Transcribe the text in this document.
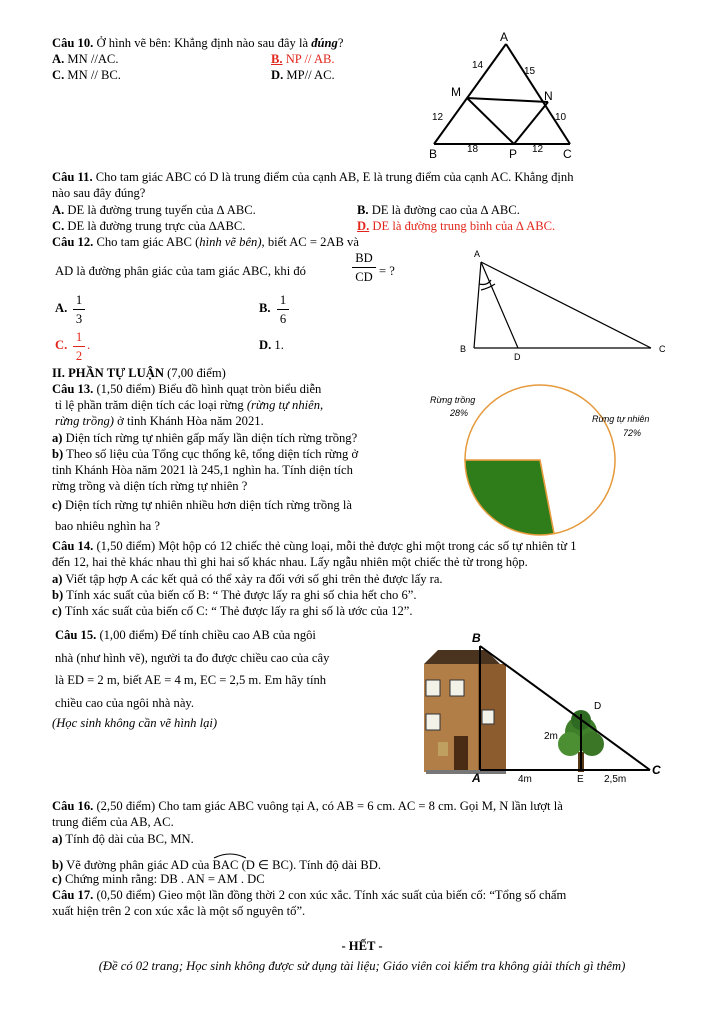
Câu 10. Ở hình vẽ bên: Khẳng định nào sau đây là đúng?
A. MN //AC.	B. NP // AB.
C. MN // BC.	D. MP// AC.
A
B	C
M	N
P
14
15
12	10
18	12
Câu 11. Cho tam giác ABC có D là trung điểm của cạnh AB, E là trung điểm của cạnh AC. Khẳng định
nào sau đây đúng?
A. DE là đường trung tuyến của ∆ ABC.	B. DE là đường cao của ∆ ABC.
C. DE là đường trung trực của ∆ABC.	D. DE là đường trung bình của ∆ ABC.
Câu 12. Cho tam giác ABC (hình vẽ bên), biết AC = 2AB và
AD là đường phân giác của tam giác ABC, khi đó
BD
CD = ?
A.
1
3
B.
1
6
C.
1
2
.	D. 1.
A
B	C
D
II. PHẦN TỰ LUẬN (7,00 điểm)
Câu 13. (1,50 điểm) Biểu đồ hình quạt tròn biểu diễn
tỉ lệ phần trăm diện tích các loại rừng (rừng tự nhiên,
rừng trồng) ở tỉnh Khánh Hòa năm 2021.
a) Diện tích rừng tự nhiên gấp mấy lần diện tích rừng trồng?
b) Theo số liệu của Tổng cục thống kê, tổng diện tích rừng ở
tỉnh Khánh Hòa năm 2021 là 245,1 nghìn ha. Tính diện tích
rừng trồng và diện tích rừng tự nhiên ?
c) Diện tích rừng tự nhiên nhiều hơn diện tích rừng trồng là
bao nhiêu nghìn ha ?
Rừng trồng
28%
Rừng tự nhiên
72%
Câu 14. (1,50 điểm) Một hộp có 12 chiếc thẻ cùng loại, mỗi thẻ được ghi một trong các số tự nhiên từ 1
đến 12, hai thẻ khác nhau thì ghi hai số khác nhau. Lấy ngẫu nhiên một chiếc thẻ từ trong hộp.
a) Viết tập hợp A các kết quả có thể xảy ra đối với số ghi trên thẻ được lấy ra.
b) Tính xác suất của biến cố B: “ Thẻ được lấy ra ghi số chia hết cho 6”.
c) Tính xác suất của biến cố C: “ Thẻ được lấy ra ghi số là ước của 12”.
Câu 15. (1,00 điểm) Để tính chiều cao AB của ngôi
nhà (như hình vẽ), người ta đo được chiều cao của cây
là ED = 2 m, biết AE = 4 m, EC = 2,5 m. Em hãy tính
chiều cao của ngôi nhà này.
(Học sinh không cần vẽ hình lại)
B
A
C
D
E
2m
4m	2,5m
Câu 16. (2,50 điểm) Cho tam giác ABC vuông tại A, có AB = 6 cm. AC = 8 cm. Gọi M, N lần lượt là
trung điểm của AB, AC.
a) Tính độ dài của BC, MN.
b) Vẽ đường phân giác AD của
BAC (D ∈ BC). Tính độ dài BD.
c) Chứng minh rằng: DB . AN = AM . DC
Câu 17. (0,50 điểm) Gieo một lần đồng thời 2 con xúc xắc. Tính xác suất của biến cố: “Tổng số chấm
xuất hiện trên 2 con xúc xắc là một số nguyên tố”.
- HẾT -
(Đề có 02 trang; Học sinh không được sử dụng tài liệu; Giáo viên coi kiểm tra không giải thích gì thêm)
